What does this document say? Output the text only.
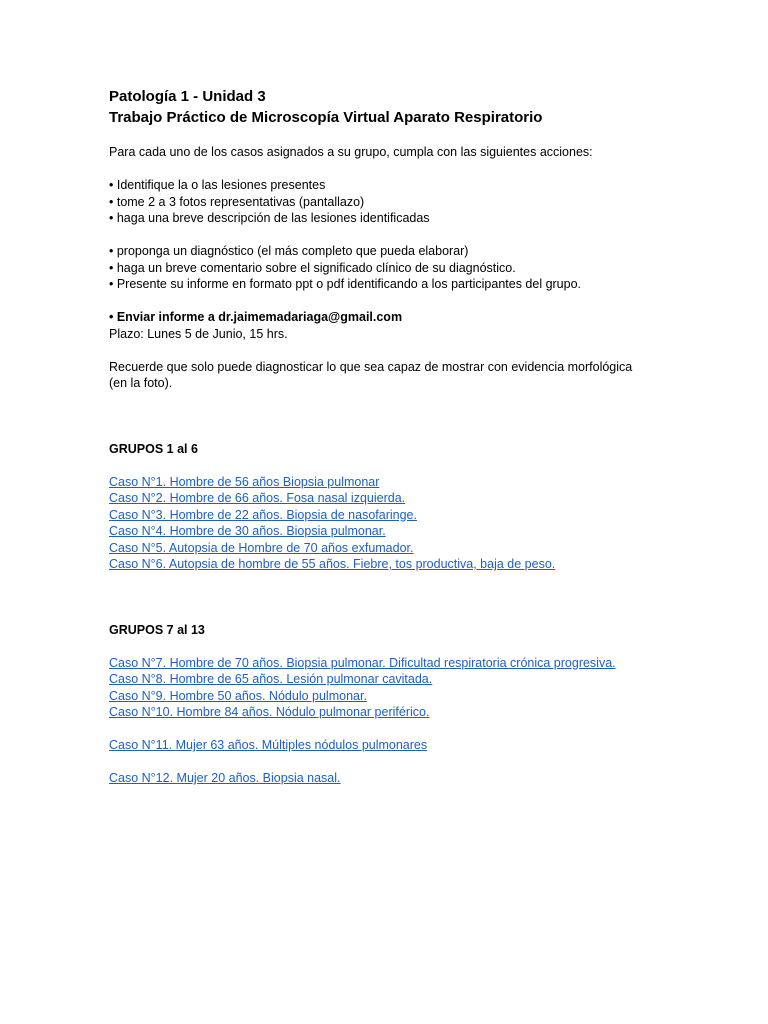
Patología 1 - Unidad 3

Trabajo Práctico de Microscopía Virtual Aparato Respiratorio

Para cada uno de los casos asignados a su grupo, cumpla con las siguientes acciones:

• Identifique la o las lesiones presentes
• tome 2 a 3 fotos representativas (pantallazo)
• haga una breve descripción de las lesiones identificadas

• proponga un diagnóstico (el más completo que pueda elaborar)
• haga un breve comentario sobre el significado clínico de su diagnóstico.
• Presente su informe en formato ppt o pdf identificando a los participantes del grupo.

• Enviar informe a dr.jaimemadariaga@gmail.com
Plazo: Lunes 5 de Junio, 15 hrs.

Recuerde que solo puede diagnosticar lo que sea capaz de mostrar con evidencia morfológica
(en la foto).

GRUPOS 1 al 6

Caso N°1. Hombre de 56 años Biopsia pulmonar
Caso N°2. Hombre de 66 años. Fosa nasal izquierda.
Caso N°3. Hombre de 22 años. Biopsia de nasofaringe.
Caso N°4. Hombre de 30 años. Biopsia pulmonar.
Caso N°5. Autopsia de Hombre de 70 años exfumador.
Caso N°6. Autopsia de hombre de 55 años. Fiebre, tos productiva, baja de peso.

GRUPOS 7 al 13

Caso N°7. Hombre de 70 años. Biopsia pulmonar. Dificultad respiratoria crónica progresiva.
Caso N°8. Hombre de 65 años. Lesión pulmonar cavitada.
Caso N°9. Hombre 50 años. Nódulo pulmonar.
Caso N°10. Hombre 84 años. Nódulo pulmonar periférico.
Caso N°11. Mujer 63 años. Múltiples nódulos pulmonares
Caso N°12. Mujer 20 años. Biopsia nasal.
